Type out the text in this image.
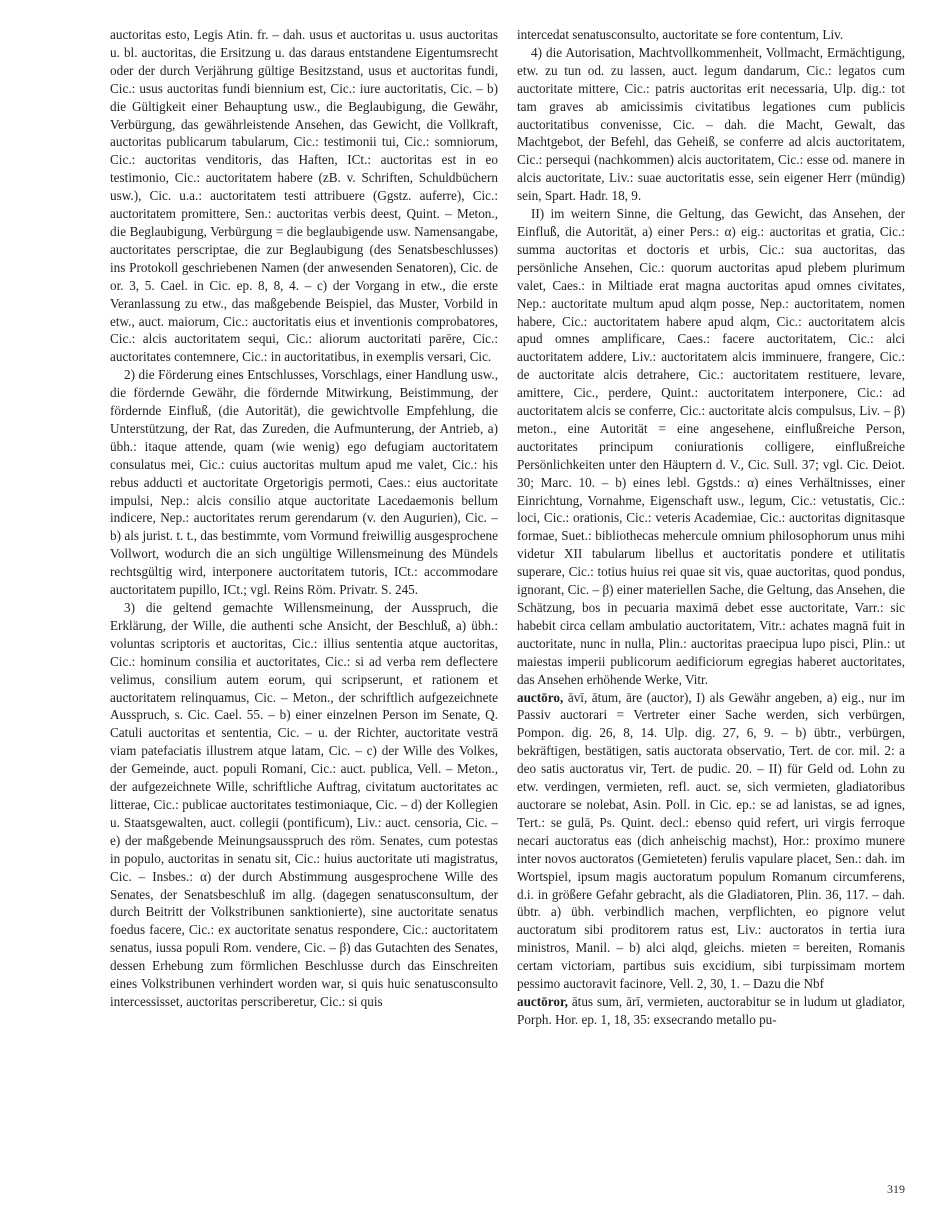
auctoritas esto, Legis Atin. fr. – dah. usus et auctoritas u. usus auctoritas u. bl. auctoritas, die Ersitzung u. das daraus entstandene Eigentumsrecht oder der durch Verjährung gültige Besitzstand, usus et auctoritas fundi, Cic.: usus auctoritas fundi biennium est, Cic.: iure auctoritatis, Cic. – b) die Gültigkeit einer Behauptung usw., die Beglaubigung, die Gewähr, Verbürgung, das gewährleistende Ansehen, das Gewicht, die Vollkraft, auctoritas publicarum tabularum, Cic.: testimonii tui, Cic.: somniorum, Cic.: auctoritas venditoris, das Haften, ICt.: auctoritas est in eo testimonio, Cic.: auctoritatem habere (zB. v. Schriften, Schuldbüchern usw.), Cic. u.a.: auctoritatem testi attribuere (Ggstz. auferre), Cic.: auctoritatem promittere, Sen.: auctoritas verbis deest, Quint. – Meton., die Beglaubigung, Verbürgung = die beglaubigende usw. Namensangabe, auctoritates perscriptae, die zur Beglaubigung (des Senatsbeschlusses) ins Protokoll geschriebenen Namen (der anwesenden Senatoren), Cic. de or. 3, 5. Cael. in Cic. ep. 8, 8, 4. – c) der Vorgang in etw., die erste Veranlassung zu etw., das maßgebende Beispiel, das Muster, Vorbild in etw., auct. maiorum, Cic.: auctoritatis eius et inventionis comprobatores, Cic.: alcis auctoritatem sequi, Cic.: aliorum auctoritati parēre, Cic.: auctoritates contemnere, Cic.: in auctoritatibus, in exemplis versari, Cic.

2) die Förderung eines Entschlusses, Vorschlags, einer Handlung usw., die fördernde Gewähr, die fördernde Mitwirkung, Beistimmung, der fördernde Einfluß, (die Autorität), die gewichtvolle Empfehlung, die Unterstützung, der Rat, das Zureden, die Aufmunterung, der Antrieb, a) übh.: itaque attende, quam (wie wenig) ego defugiam auctoritatem consulatus mei, Cic.: cuius auctoritas multum apud me valet, Cic.: his rebus adducti et auctoritate Orgetorigis permoti, Caes.: eius auctoritate impulsi, Nep.: alcis consilio atque auctoritate Lacedaemonis bellum indicere, Nep.: auctoritates rerum gerendarum (v. den Augurien), Cic. – b) als jurist. t. t., das bestimmte, vom Vormund freiwillig ausgesprochene Vollwort, wodurch die an sich ungültige Willensmeinung des Mündels rechtsgültig wird, interponere auctoritatem tutoris, ICt.: accommodare auctoritatem pupillo, ICt.; vgl. Reins Röm. Privatr. S. 245.

3) die geltend gemachte Willensmeinung, der Ausspruch, die Erklärung, der Wille, die authenti sche Ansicht, der Beschluß, a) übh.: voluntas scriptoris et auctoritas, Cic.: illius sententia atque auctoritas, Cic.: hominum consilia et auctoritates, Cic.: si ad verba rem deflectere velimus, consilium autem eorum, qui scripserunt, et rationem et auctoritatem relinquamus, Cic. – Meton., der schriftlich aufgezeichnete Ausspruch, s. Cic. Cael. 55. – b) einer einzelnen Person im Senate, Q. Catuli auctoritas et sententia, Cic. – u. der Richter, auctoritate vestrā viam patefaciatis illustrem atque latam, Cic. – c) der Wille des Volkes, der Gemeinde, auct. populi Romani, Cic.: auct. publica, Vell. – Meton., der aufgezeichnete Wille, schriftliche Auftrag, civitatum auctoritates ac litterae, Cic.: publicae auctoritates testimoniaque, Cic. – d) der Kollegien u. Staatsgewalten, auct. collegii (pontificum), Liv.: auct. censoria, Cic. – e) der maßgebende Meinungsausspruch des röm. Senates, cum potestas in populo, auctoritas in senatu sit, Cic.: huius auctoritate uti magistratus, Cic. – Insbes.: α) der durch Abstimmung ausgesprochene Wille des Senates, der Senatsbeschluß im allg. (dagegen senatusconsultum, der durch Beitritt der Volkstribunen sanktionierte), sine auctoritate senatus foedus facere, Cic.: ex auctoritate senatus respondere, Cic.: auctoritatem senatus, iussa populi Rom. vendere, Cic. – β) das Gutachten des Senates, dessen Erhebung zum förmlichen Beschlusse durch das Einschreiten eines Volkstribunen verhindert worden war, si quis huic senatusconsulto intercessisset, auctoritas perscriberetur, Cic.: si quis

intercedat senatusconsulto, auctoritate se fore contentum, Liv.

4) die Autorisation, Machtvollkommenheit, Vollmacht, Ermächtigung, etw. zu tun od. zu lassen, auct. legum dandarum, Cic.: legatos cum auctoritate mittere, Cic.: patris auctoritas erit necessaria, Ulp. dig.: tot tam graves ab amicissimis civitatibus legationes cum publicis auctoritatibus convenisse, Cic. – dah. die Macht, Gewalt, das Machtgebot, der Befehl, das Geheiß, se conferre ad alcis auctoritatem, Cic.: persequi (nachkommen) alcis auctoritatem, Cic.: esse od. manere in alcis auctoritate, Liv.: suae auctoritatis esse, sein eigener Herr (mündig) sein, Spart. Hadr. 18, 9.

II) im weitern Sinne, die Geltung, das Gewicht, das Ansehen, der Einfluß, die Autorität, a) einer Pers.: α) eig.: auctoritas et gratia, Cic.: summa auctoritas et doctoris et urbis, Cic.: sua auctoritas, das persönliche Ansehen, Cic.: quorum auctoritas apud plebem plurimum valet, Caes.: in Miltiade erat magna auctoritas apud omnes civitates, Nep.: auctoritate multum apud alqm posse, Nep.: auctoritatem, nomen habere, Cic.: auctoritatem habere apud alqm, Cic.: auctoritatem alcis apud omnes amplificare, Caes.: facere auctoritatem, Cic.: alci auctoritatem addere, Liv.: auctoritatem alcis imminuere, frangere, Cic.: de auctoritate alcis detrahere, Cic.: auctoritatem restituere, levare, amittere, Cic., perdere, Quint.: auctoritatem interponere, Cic.: ad auctoritatem alcis se conferre, Cic.: auctoritate alcis compulsus, Liv. – β) meton., eine Autorität = eine angesehene, einflußreiche Person, auctoritates principum coniurationis colligere, einflußreiche Persönlichkeiten unter den Häuptern d. V., Cic. Sull. 37; vgl. Cic. Deiot. 30; Marc. 10. – b) eines lebl. Ggstds.: α) eines Verhältnisses, einer Einrichtung, Vornahme, Eigenschaft usw., legum, Cic.: vetustatis, Cic.: loci, Cic.: orationis, Cic.: veteris Academiae, Cic.: auctoritas dignitasque formae, Suet.: bibliothecas mehercule omnium philosophorum unus mihi videtur XII tabularum libellus et auctoritatis pondere et utilitatis superare, Cic.: totius huius rei quae sit vis, quae auctoritas, quod pondus, ignorant, Cic. – β) einer materiellen Sache, die Geltung, das Ansehen, die Schätzung, bos in pecuaria maximā debet esse auctoritate, Varr.: sic habebit circa cellam ambulatio auctoritatem, Vitr.: achates magnā fuit in auctoritate, nunc in nulla, Plin.: auctoritas praecipua lupo pisci, Plin.: ut maiestas imperii publicorum aedificiorum egregias haberet auctoritates, das Ansehen erhöhende Werke, Vitr.

auctōro, āvī, ātum, āre (auctor), I) als Gewähr angeben, a) eig., nur im Passiv auctorari = Vertreter einer Sache werden, sich verbürgen, Pompon. dig. 26, 8, 14. Ulp. dig. 27, 6, 9. – b) übtr., verbürgen, bekräftigen, bestätigen, satis auctorata observatio, Tert. de cor. mil. 2: a deo satis auctoratus vir, Tert. de pudic. 20. – II) für Geld od. Lohn zu etw. verdingen, vermieten, refl. auct. se, sich vermieten, gladiatoribus auctorare se nolebat, Asin. Poll. in Cic. ep.: se ad lanistas, se ad ignes, Tert.: se gulā, Ps. Quint. decl.: ebenso quid refert, uri virgis ferroque necari auctoratus eas (dich anheischig machst), Hor.: proximo munere inter novos auctoratos (Gemieteten) ferulis vapulare placet, Sen.: dah. im Wortspiel, ipsum magis auctoratum populum Romanum circumferens, d.i. in größere Gefahr gebracht, als die Gladiatoren, Plin. 36, 117. – dah. übtr. a) übh. verbindlich machen, verpflichten, eo pignore velut auctoratum sibi proditorem ratus est, Liv.: auctoratos in tertia iura ministros, Manil. – b) alci alqd, gleichs. mieten = bereiten, Romanis certam victoriam, partibus suis excidium, sibi turpissimam mortem pessimo auctoravit facinore, Vell. 2, 30, 1. – Dazu die Nbf

auctōror, ātus sum, ārī, vermieten, auctorabitur se in ludum ut gladiator, Porph. Hor. ep. 1, 18, 35: exsecrando metallo pu-

319
